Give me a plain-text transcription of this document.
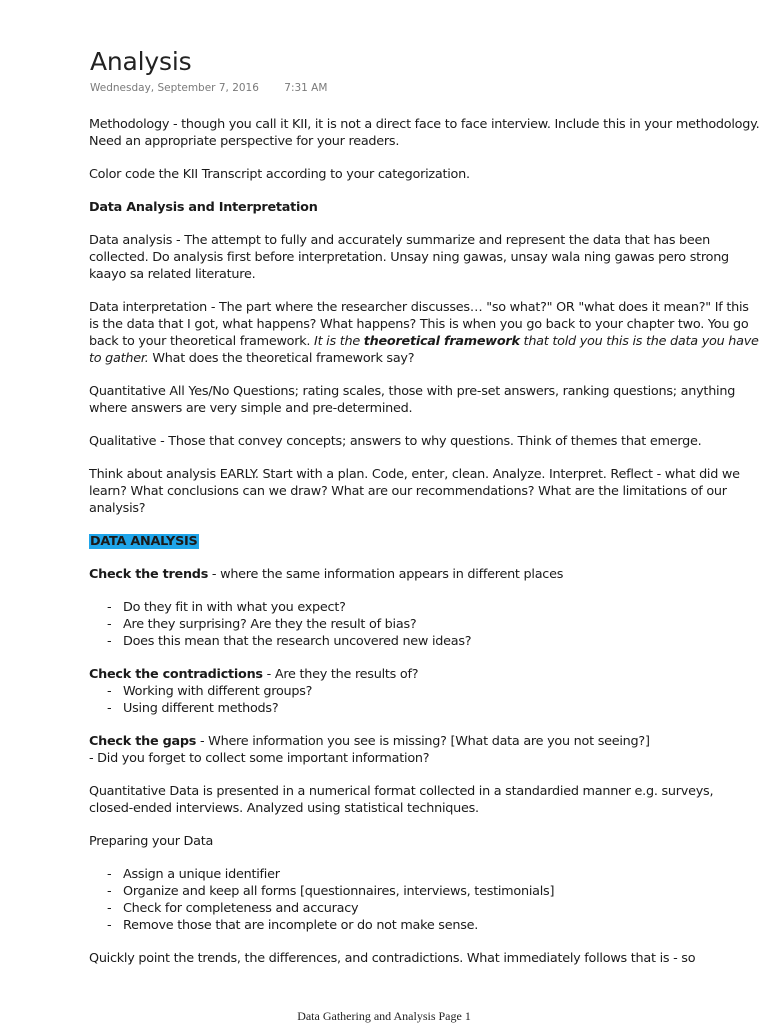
Analysis
Wednesday, September 7, 2016 7:31 AM

Methodology - though you call it KII, it is not a direct face to face interview. Include this in your methodology. Need an appropriate perspective for your readers.

Color code the KII Transcript according to your categorization.

Data Analysis and Interpretation

Data analysis - The attempt to fully and accurately summarize and represent the data that has been collected. Do analysis first before interpretation. Unsay ning gawas, unsay wala ning gawas pero strong kaayo sa related literature.

Data interpretation - The part where the researcher discusses… "so what?" OR "what does it mean?" If this is the data that I got, what happens? What happens? This is when you go back to your chapter two. You go back to your theoretical framework. It is the theoretical framework that told you this is the data you have to gather. What does the theoretical framework say?

Quantitative All Yes/No Questions; rating scales, those with pre-set answers, ranking questions; anything where answers are very simple and pre-determined.

Qualitative - Those that convey concepts; answers to why questions. Think of themes that emerge.

Think about analysis EARLY. Start with a plan. Code, enter, clean. Analyze. Interpret. Reflect - what did we learn? What conclusions can we draw? What are our recommendations? What are the limitations of our analysis?

DATA ANALYSIS

Check the trends - where the same information appears in different places

- Do they fit in with what you expect?
- Are they surprising? Are they the result of bias?
- Does this mean that the research uncovered new ideas?

Check the contradictions - Are they the results of?

- Working with different groups?
- Using different methods?

Check the gaps - Where information you see is missing? [What data are you not seeing?]
- Did you forget to collect some important information?

Quantitative Data is presented in a numerical format collected in a standardied manner e.g. surveys, closed-ended interviews. Analyzed using statistical techniques.

Preparing your Data

- Assign a unique identifier
- Organize and keep all forms [questionnaires, interviews, testimonials]
- Check for completeness and accuracy
- Remove those that are incomplete or do not make sense.

Quickly point the trends, the differences, and contradictions. What immediately follows that is - so

Data Gathering and Analysis Page 1
